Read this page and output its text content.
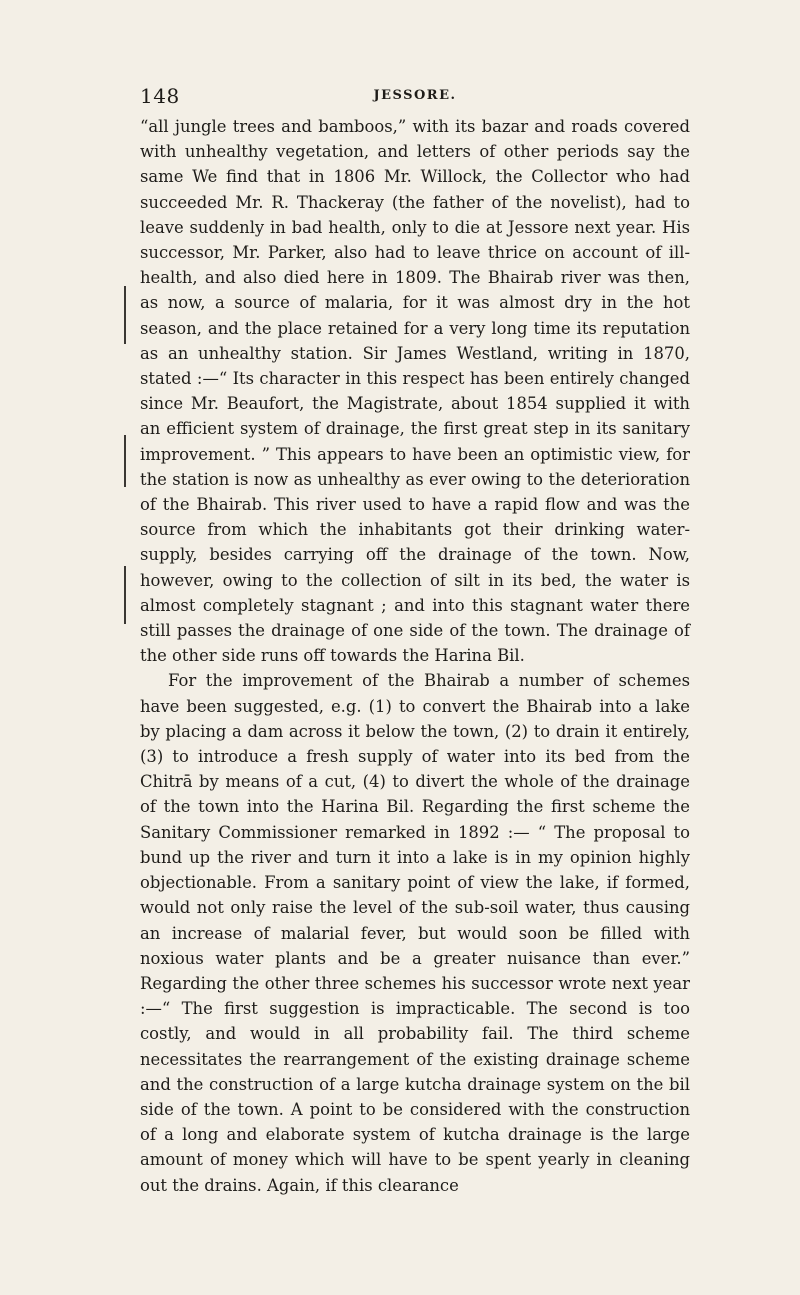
148	JESSORE.

“all jungle trees and bamboos,” with its bazar and roads covered with unhealthy vegetation, and letters of other periods say the same We find that in 1806 Mr. Willock, the Collector who had succeeded Mr. R. Thackeray (the father of the novelist), had to leave suddenly in bad health, only to die at Jessore next year. His successor, Mr. Parker, also had to leave thrice on account of ill-health, and also died here in 1809. The Bhairab river was then, as now, a source of malaria, for it was almost dry in the hot season, and the place retained for a very long time its reputation as an unhealthy station. Sir James Westland, writing in 1870, stated :—“ Its character in this respect has been entirely changed since Mr. Beaufort, the Magistrate, about 1854 supplied it with an efficient system of drainage, the first great step in its sanitary improvement. ” This appears to have been an optimistic view, for the station is now as unhealthy as ever owing to the deterioration of the Bhairab. This river used to have a rapid flow and was the source from which the inhabitants got their drinking water-supply, besides carrying off the drainage of the town. Now, however, owing to the collection of silt in its bed, the water is almost completely stagnant ; and into this stagnant water there still passes the drainage of one side of the town. The drainage of the other side runs off towards the Harina Bil.

For the improvement of the Bhairab a number of schemes have been suggested, e.g. (1) to convert the Bhairab into a lake by placing a dam across it below the town, (2) to drain it entirely, (3) to introduce a fresh supply of water into its bed from the Chitrā by means of a cut, (4) to divert the whole of the drainage of the town into the Harina Bil. Regarding the first scheme the Sanitary Commissioner remarked in 1892 :— “ The proposal to bund up the river and turn it into a lake is in my opinion highly objectionable. From a sanitary point of view the lake, if formed, would not only raise the level of the sub-soil water, thus causing an increase of malarial fever, but would soon be filled with noxious water plants and be a greater nuisance than ever.” Regarding the other three schemes his successor wrote next year :—“ The first suggestion is impracticable. The second is too costly, and would in all probability fail. The third scheme necessitates the rearrangement of the existing drainage scheme and the construction of a large kutcha drainage system on the bil side of the town. A point to be considered with the construction of a long and elaborate system of kutcha drainage is the large amount of money which will have to be spent yearly in cleaning out the drains. Again, if this clearance
